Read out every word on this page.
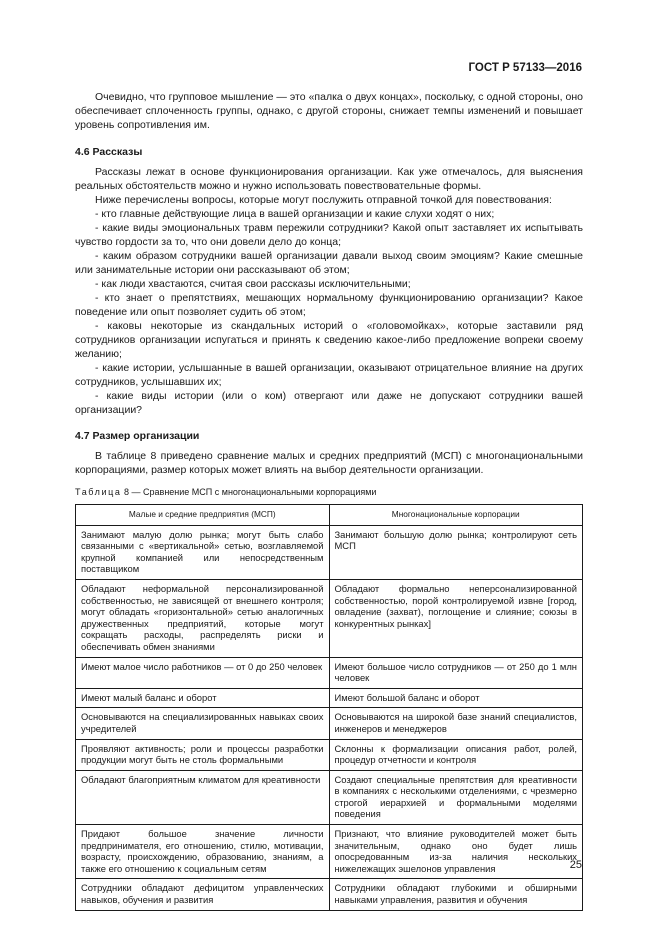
ГОСТ Р 57133—2016

Очевидно, что групповое мышление — это «палка о двух концах», поскольку, с одной стороны, оно обеспечивает сплоченность группы, однако, с другой стороны, снижает темпы изменений и повышает уровень сопротивления им.

4.6 Рассказы

Рассказы лежат в основе функционирования организации. Как уже отмечалось, для выяснения реальных обстоятельств можно и нужно использовать повествовательные формы.

Ниже перечислены вопросы, которые могут послужить отправной точкой для повествования:

- кто главные действующие лица в вашей организации и какие слухи ходят о них;

- какие виды эмоциональных травм пережили сотрудники? Какой опыт заставляет их испытывать чувство гордости за то, что они довели дело до конца;

- каким образом сотрудники вашей организации давали выход своим эмоциям? Какие смешные или занимательные истории они рассказывают об этом;

- как люди хвастаются, считая свои рассказы исключительными;

- кто знает о препятствиях, мешающих нормальному функционированию организации? Какое поведение или опыт позволяет судить об этом;

- каковы некоторые из скандальных историй о «головомойках», которые заставили ряд сотрудников организации испугаться и принять к сведению какое-либо предложение вопреки своему желанию;

- какие истории, услышанные в вашей организации, оказывают отрицательное влияние на других сотрудников, услышавших их;

- какие виды истории (или о ком) отвергают или даже не допускают сотрудники вашей организации?

4.7 Размер организации

В таблице 8 приведено сравнение малых и средних предприятий (МСП) с многонациональными корпорациями, размер которых может влиять на выбор деятельности организации.

Таблица 8 — Сравнение МСП с многонациональными корпорациями
Малые и средние предприятия (МСП)	Многонациональные корпорации
Занимают малую долю рынка; могут быть слабо связанными с «вертикальной» сетью, возглавляемой крупной компанией или непосредственным поставщиком	Занимают большую долю рынка; контролируют сеть МСП
Обладают неформальной персонализированной собственностью, не зависящей от внешнего контроля; могут обладать «горизонтальной» сетью аналогичных дружественных предприятий, которые могут сокращать расходы, распределять риски и обеспечивать обмен знаниями	Обладают формально неперсонализированной собственностью, порой контролируемой извне [город, овладение (захват), поглощение и слияние; союзы в конкурентных рынках]
Имеют малое число работников — от 0 до 250 человек	Имеют большое число сотрудников — от 250 до 1 млн человек
Имеют малый баланс и оборот	Имеют большой баланс и оборот
Основываются на специализированных навыках своих учредителей	Основываются на широкой базе знаний специалистов, инженеров и менеджеров
Проявляют активность; роли и процессы разработки продукции могут быть не столь формальными	Склонны к формализации описания работ, ролей, процедур отчетности и контроля
Обладают благоприятным климатом для креативности	Создают специальные препятствия для креативности в компаниях с несколькими отделениями, с чрезмерно строгой иерархией и формальными моделями поведения
Придают большое значение личности предпринимателя, его отношению, стилю, мотивации, возрасту, происхождению, образованию, знаниям, а также его отношению к социальным сетям	Признают, что влияние руководителей может быть значительным, однако оно будет лишь опосредованным из-за наличия нескольких нижележащих эшелонов управления
Сотрудники обладают дефицитом управленческих навыков, обучения и развития	Сотрудники обладают глубокими и обширными навыками управления, развития и обучения
25
